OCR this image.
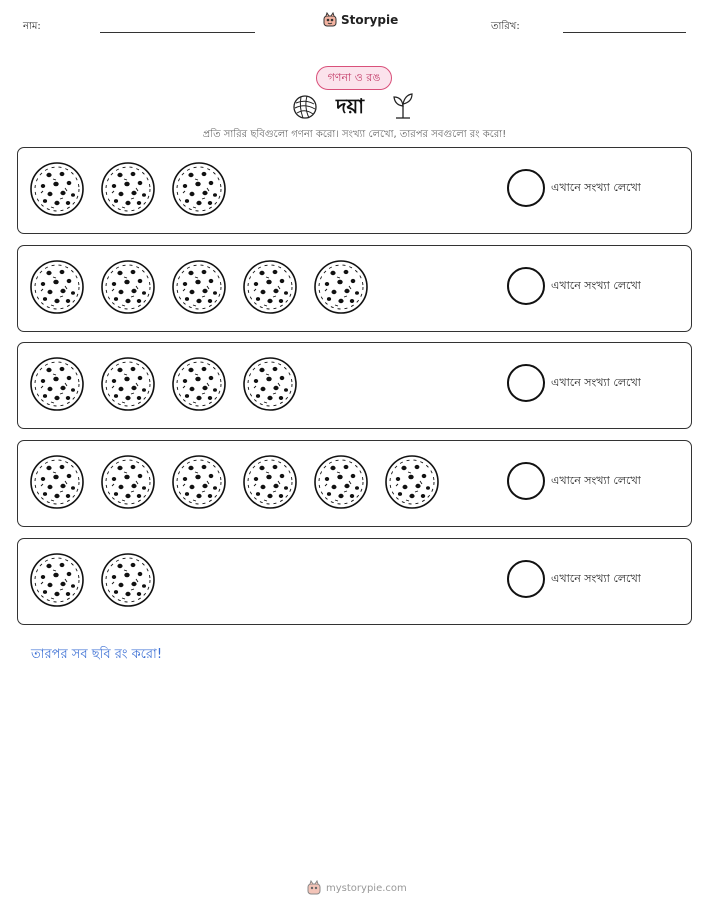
নাম:	Storypie	তারিখ:
গণনা ও রঙ
দয়া
প্রতি সারির ছবিগুলো গণনা করো। সংখ্যা লেখো, তারপর সবগুলো রং করো!
এখানে সংখ্যা লেখো
এখানে সংখ্যা লেখো
এখানে সংখ্যা লেখো
এখানে সংখ্যা লেখো
এখানে সংখ্যা লেখো
তারপর সব ছবি রং করো!
mystorypie.com
